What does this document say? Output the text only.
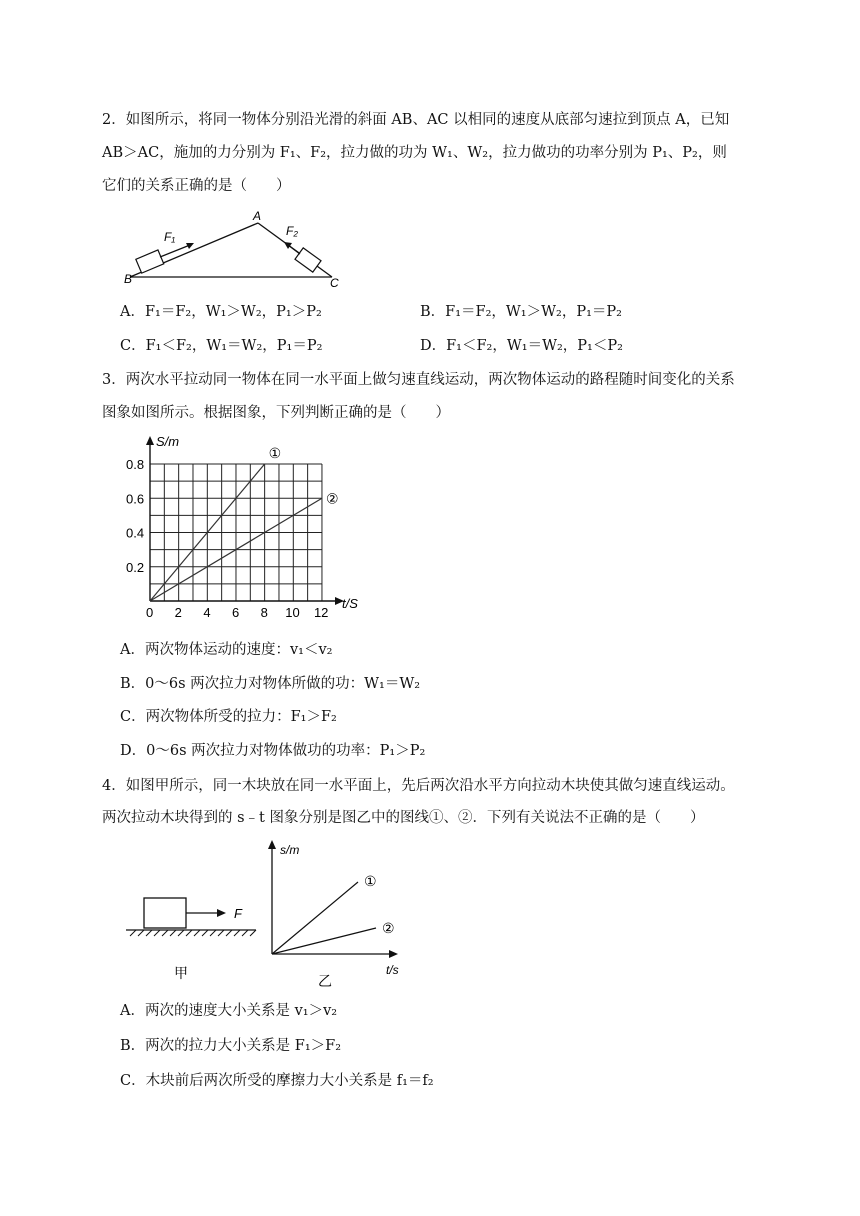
2．如图所示，将同一物体分别沿光滑的斜面 AB、AC 以相同的速度从底部匀速拉到顶点 A，已知
AB＞AC，施加的力分别为 F₁、F₂，拉力做的功为 W₁、W₂，拉力做功的功率分别为 P₁、P₂，则
它们的关系正确的是（　　）
A
B	C
F₁	F₂
A．F₁＝F₂，W₁＞W₂，P₁＞P₂	B．F₁＝F₂，W₁＞W₂，P₁＝P₂
C．F₁＜F₂，W₁＝W₂，P₁＝P₂	D．F₁＜F₂，W₁＝W₂，P₁＜P₂
3．两次水平拉动同一物体在同一水平面上做匀速直线运动，两次物体运动的路程随时间变化的关系
图象如图所示。根据图象，下列判断正确的是（　　）
0.8
0.6
0.4
0.2
0 2 4 6 8 10 12
①
②
S/m
t/S
A．两次物体运动的速度：v₁＜v₂
B．0～6s 两次拉力对物体所做的功：W₁＝W₂
C．两次物体所受的拉力：F₁＞F₂
D．0～6s 两次拉力对物体做功的功率：P₁＞P₂
4．如图甲所示，同一木块放在同一水平面上，先后两次沿水平方向拉动木块使其做匀速直线运动。
两次拉动木块得到的 s﹣t 图象分别是图乙中的图线①、②．下列有关说法不正确的是（　　）
F
甲
s/m
t/s
①
②
乙
A．两次的速度大小关系是 v₁＞v₂
B．两次的拉力大小关系是 F₁＞F₂
C．木块前后两次所受的摩擦力大小关系是 f₁＝f₂
